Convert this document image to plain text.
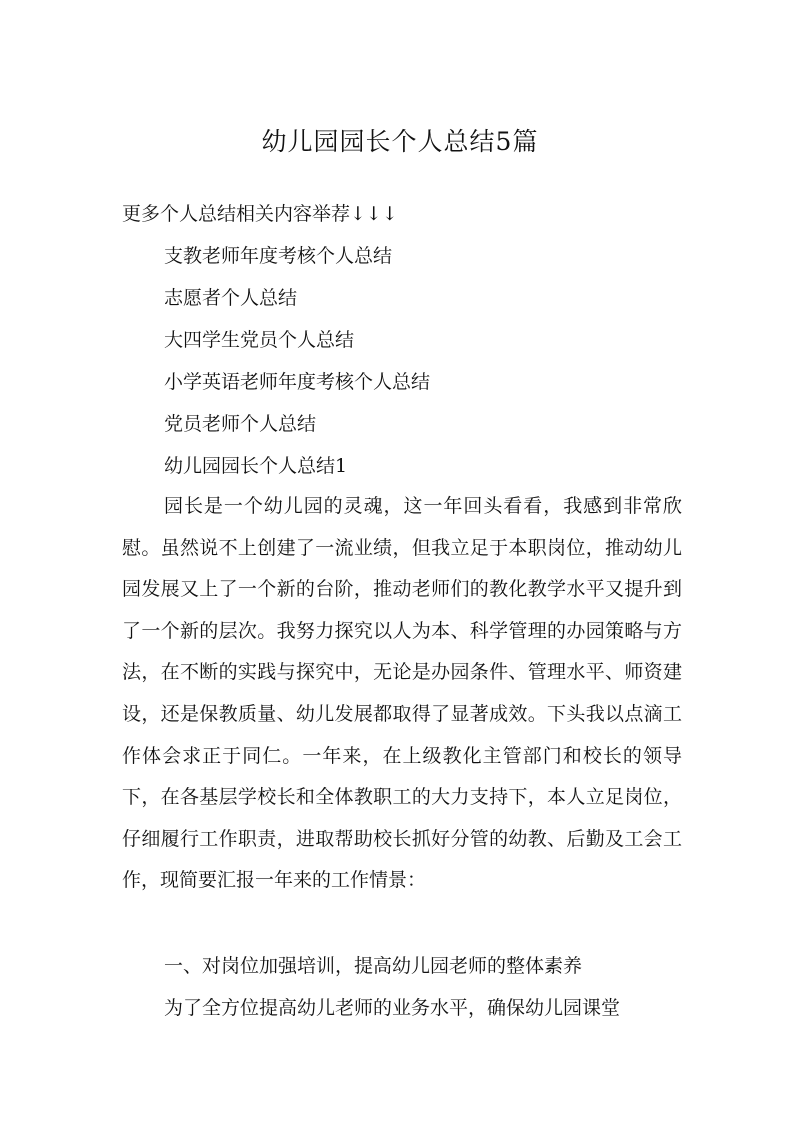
幼儿园园长个人总结5篇

更多个人总结相关内容举荐↓↓↓

支教老师年度考核个人总结

志愿者个人总结

大四学生党员个人总结

小学英语老师年度考核个人总结

党员老师个人总结

幼儿园园长个人总结1

园长是一个幼儿园的灵魂，这一年回头看看，我感到非常欣慰。虽然说不上创建了一流业绩，但我立足于本职岗位，推动幼儿园发展又上了一个新的台阶，推动老师们的教化教学水平又提升到了一个新的层次。我努力探究以人为本、科学管理的办园策略与方法，在不断的实践与探究中，无论是办园条件、管理水平、师资建设，还是保教质量、幼儿发展都取得了显著成效。下头我以点滴工作体会求正于同仁。一年来，在上级教化主管部门和校长的领导下，在各基层学校长和全体教职工的大力支持下，本人立足岗位，仔细履行工作职责，进取帮助校长抓好分管的幼教、后勤及工会工作，现简要汇报一年来的工作情景：

一、对岗位加强培训，提高幼儿园老师的整体素养

为了全方位提高幼儿老师的业务水平，确保幼儿园课堂
